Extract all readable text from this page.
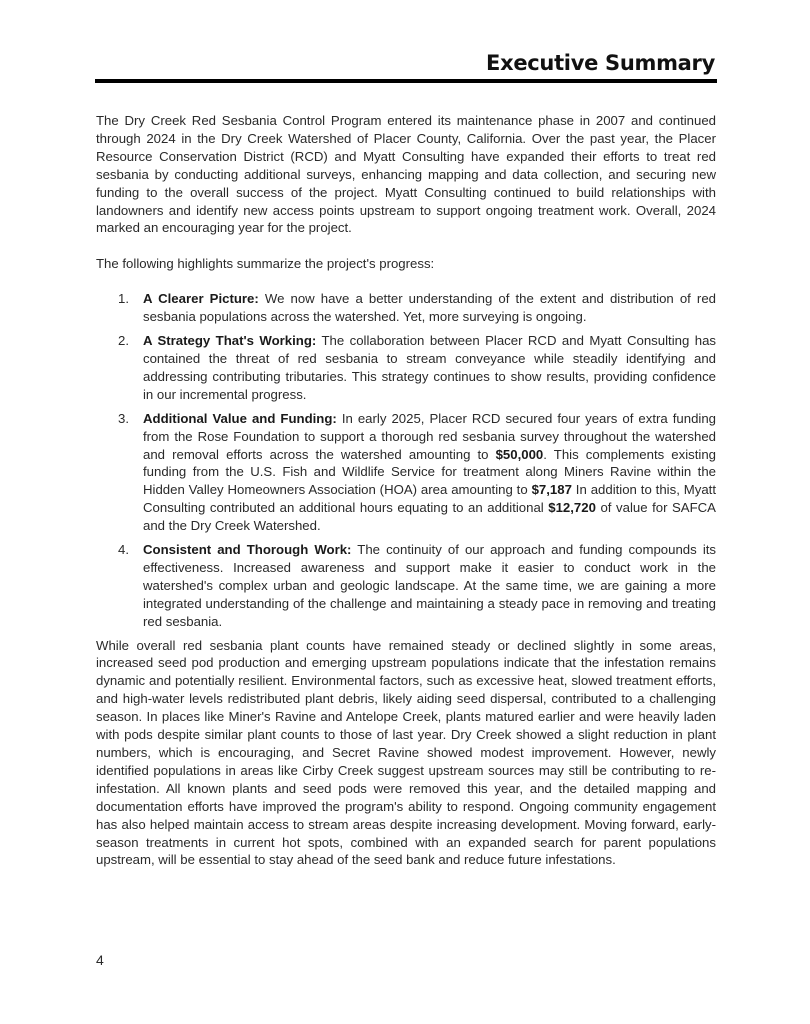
Executive Summary

The Dry Creek Red Sesbania Control Program entered its maintenance phase in 2007 and continued through 2024 in the Dry Creek Watershed of Placer County, California. Over the past year, the Placer Resource Conservation District (RCD) and Myatt Consulting have expanded their efforts to treat red sesbania by conducting additional surveys, enhancing mapping and data collection, and securing new funding to the overall success of the project. Myatt Consulting continued to build relationships with landowners and identify new access points upstream to support ongoing treatment work. Overall, 2024 marked an encouraging year for the project.

The following highlights summarize the project's progress:

1. A Clearer Picture: We now have a better understanding of the extent and distribution of red sesbania populations across the watershed. Yet, more surveying is ongoing.
2. A Strategy That's Working: The collaboration between Placer RCD and Myatt Consulting has contained the threat of red sesbania to stream conveyance while steadily identifying and addressing contributing tributaries. This strategy continues to show results, providing confidence in our incremental progress.
3. Additional Value and Funding: In early 2025, Placer RCD secured four years of extra funding from the Rose Foundation to support a thorough red sesbania survey throughout the watershed and removal efforts across the watershed amounting to $50,000. This complements existing funding from the U.S. Fish and Wildlife Service for treatment along Miners Ravine within the Hidden Valley Homeowners Association (HOA) area amounting to $7,187 In addition to this, Myatt Consulting contributed an additional hours equating to an additional $12,720 of value for SAFCA and the Dry Creek Watershed.
4. Consistent and Thorough Work: The continuity of our approach and funding compounds its effectiveness. Increased awareness and support make it easier to conduct work in the watershed's complex urban and geologic landscape. At the same time, we are gaining a more integrated understanding of the challenge and maintaining a steady pace in removing and treating red sesbania.

While overall red sesbania plant counts have remained steady or declined slightly in some areas, increased seed pod production and emerging upstream populations indicate that the infestation remains dynamic and potentially resilient. Environmental factors, such as excessive heat, slowed treatment efforts, and high-water levels redistributed plant debris, likely aiding seed dispersal, contributed to a challenging season. In places like Miner's Ravine and Antelope Creek, plants matured earlier and were heavily laden with pods despite similar plant counts to those of last year. Dry Creek showed a slight reduction in plant numbers, which is encouraging, and Secret Ravine showed modest improvement. However, newly identified populations in areas like Cirby Creek suggest upstream sources may still be contributing to re-infestation. All known plants and seed pods were removed this year, and the detailed mapping and documentation efforts have improved the program's ability to respond. Ongoing community engagement has also helped maintain access to stream areas despite increasing development. Moving forward, early-season treatments in current hot spots, combined with an expanded search for parent populations upstream, will be essential to stay ahead of the seed bank and reduce future infestations.

4
